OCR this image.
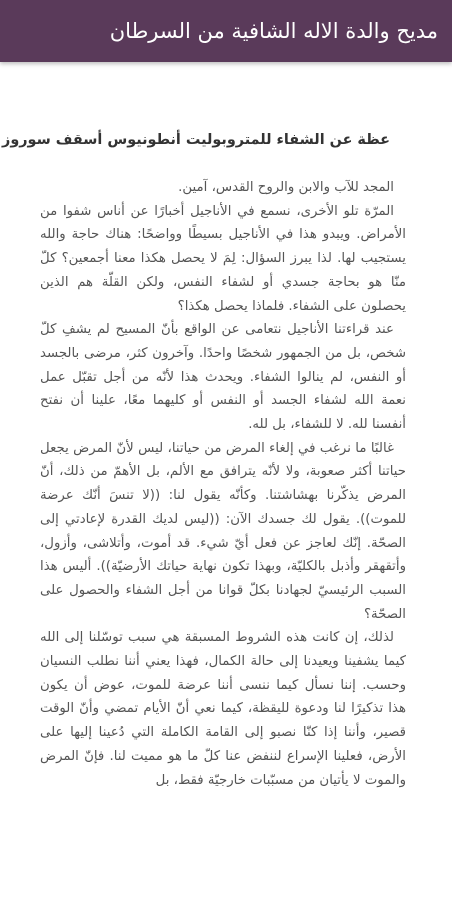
مديح والدة الاله الشافية من السرطان
عظة عن الشفاء للمتروبوليت أنطونيوس أسقف سوروز

المجد للآب والابن والروح القدس، آمين.

المرّة تلو الأخرى، نسمع في الأناجيل أخبارًا عن أناس شفوا من الأمراض. ويبدو هذا في الأناجيل بسيطًا وواضحًا: هناك حاجة والله يستجيب لها. لذا يبرز السؤال: لِمَ لا يحصل هكذا معنا أجمعين؟ كلّ منّا هو بحاجة جسدي أو لشفاء النفس، ولكن القلّة هم الذين يحصلون على الشفاء. فلماذا يحصل هكذا؟

عند قراءتنا الأناجيل نتعامى عن الواقع بأنّ المسيح لم يشفِ كلّ شخص، بل من الجمهور شخصًا واحدًا. وآخرون كثر، مرضى بالجسد أو النفس، لم ينالوا الشفاء. ويحدث هذا لأنّه من أجل تقبّل عمل نعمة الله لشفاء الجسد أو النفس أو كليهما معًا، علينا أن نفتح أنفسنا لله. لا للشفاء، بل لله.

غالبًا ما نرغب في إلغاء المرض من حياتنا، ليس لأنّ المرض يجعل حياتنا أكثر صعوبة، ولا لأنّه يترافق مع الألم، بل الأهمّ من ذلك، أنّ المرض يذكّرنا بهشاشتنا. وكأنّه يقول لنا: ((لا تنسَ أنّك عرضة للموت)). يقول لك جسدك الآن: ((ليس لديك القدرة لإعادتي إلى الصحّة. إنّك لعاجز عن فعل أيّ شيء. قد أموت، وأتلاشى، وأزول، وأتقهقر وأذبل بالكليّة، وبهذا تكون نهاية حياتك الأرضيّة)). أليس هذا السبب الرئيسيّ لجهادنا بكلّ قوانا من أجل الشفاء والحصول على الصحّة؟

لذلك، إن كانت هذه الشروط المسبقة هي سبب توسّلنا إلى الله كيما يشفينا ويعيدنا إلى حالة الكمال، فهذا يعني أننا نطلب النسيان وحسب. إننا نسأل كيما ننسى أننا عرضة للموت، عوض أن يكون هذا تذكيرًا لنا ودعوة لليقظة، كيما نعي أنّ الأيام تمضي وأنّ الوقت قصير، وأننا إذا كنّا نصبو إلى القامة الكاملة التي دُعينا إليها على الأرض، فعلينا الإسراع لننفض عنا كلّ ما هو مميت لنا. فإنّ المرض والموت لا يأتيان من مسبّبات خارجيّة فقط، بل
